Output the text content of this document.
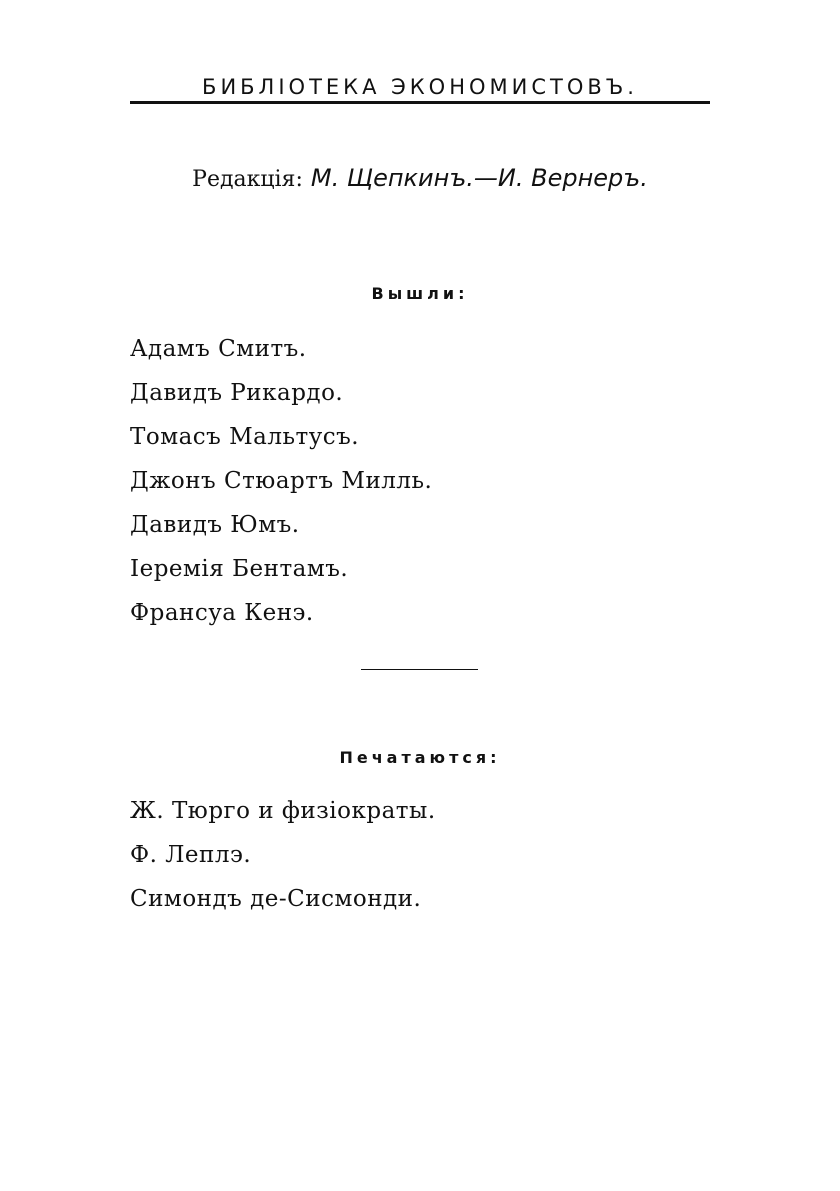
БИБЛІОТЕКА ЭКОНОМИСТОВЪ.
Редакція: М. Щепкинъ.—И. Вернеръ.
Вышли:
Адамъ Смитъ.
Давидъ Рикардо.
Томасъ Мальтусъ.
Джонъ Стюартъ Милль.
Давидъ Юмъ.
Іеремія Бентамъ.
Франсуа Кенэ.
Печатаются:
Ж. Тюрго и физіократы.
Ф. Леплэ.
Симондъ де-Сисмонди.
